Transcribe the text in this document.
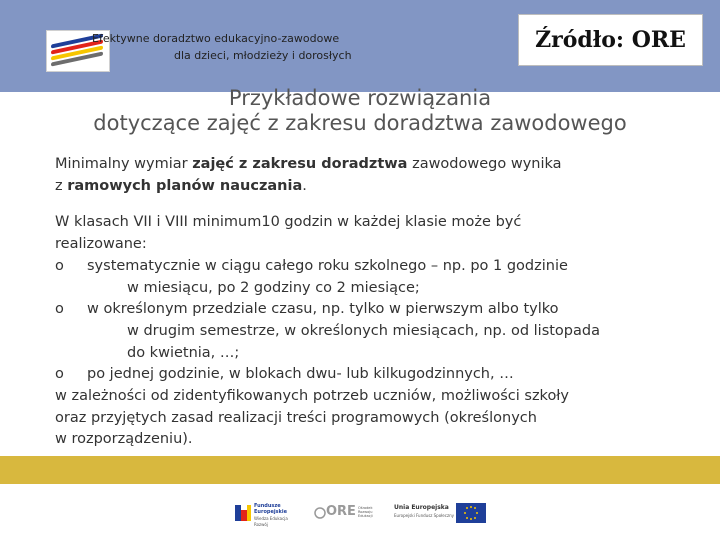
Efektywne doradztwo edukacyjno-zawodowe
dla dzieci, młodzieży i dorosłych
Źródło: ORE
Przykładowe rozwiązania
dotyczące zajęć z zakresu doradztwa zawodowego

Minimalny wymiar zajęć z zakresu doradztwa zawodowego wynika
z ramowych planów nauczania.

W klasach VII i VIII minimum10 godzin w każdej klasie może być
realizowane:

o	systematycznie w ciągu całego roku szkolnego – np. po 1 godzinie
w miesiącu, po 2 godziny co 2 miesiące;
o	w określonym przedziale czasu, np. tylko w pierwszym albo tylko
w drugim semestrze, w określonych miesiącach, np. od listopada
do kwietnia, …;
o	po jednej godzinie, w blokach dwu- lub kilkugodzinnych, …

w zależności od zidentyfikowanych potrzeb uczniów, możliwości szkoły
oraz przyjętych zasad realizacji treści programowych (określonych
w rozporządzeniu).

Fundusze
Europejskie
Wiedza Edukacja Rozwój
ORE Ośrodek Rozwoju Edukacji
Unia Europejska
Europejski Fundusz Społeczny
